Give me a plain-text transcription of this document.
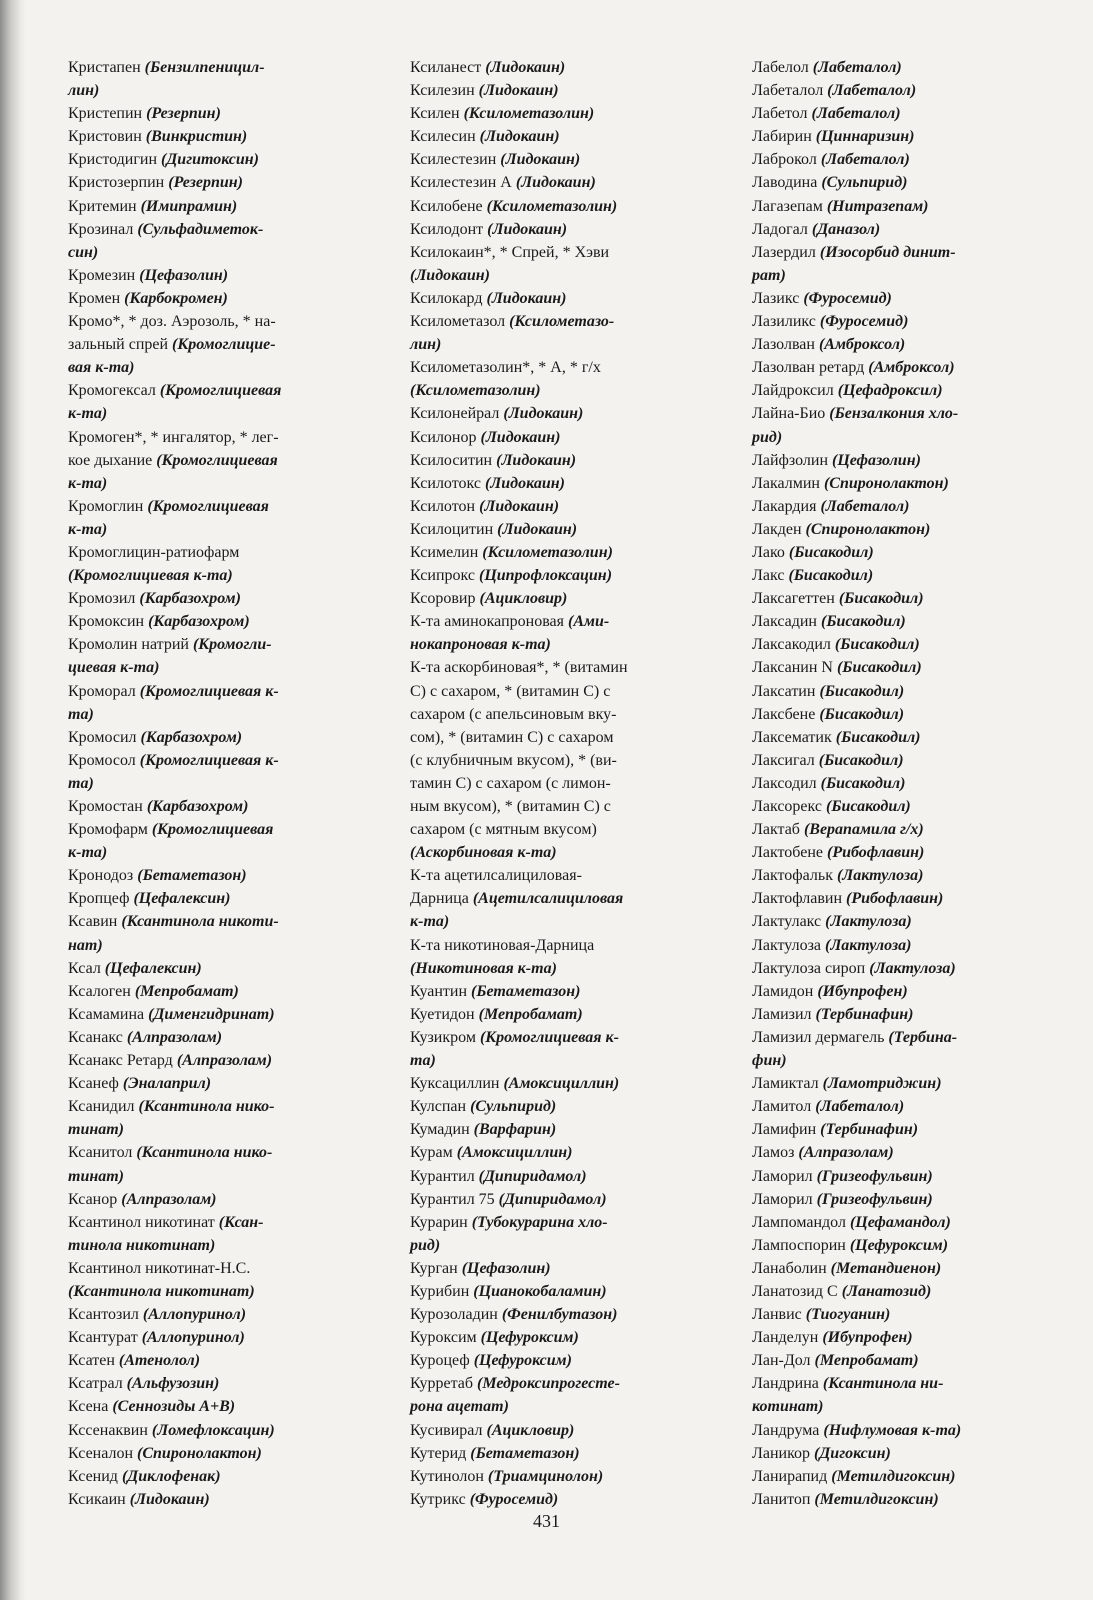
Кристапен (Бензилпеницил-
лин)
Кристепин (Резерпин)
Кристовин (Винкристин)
Кристодигин (Дигитоксин)
Кристозерпин (Резерпин)
Критемин (Имипрамин)
Крозинал (Сульфадиметок-
син)
Кромезин (Цефазолин)
Кромен (Карбокромен)
Кромо*, * доз. Аэрозоль, * на-
зальный спрей (Кромоглицие-
вая к-та)
Кромогексал (Кромоглициевая
к-та)
Кромоген*, * ингалятор, * лег-
кое дыхание (Кромоглициевая
к-та)
Кромоглин (Кромоглициевая
к-та)
Кромоглицин-ратиофарм
(Кромоглициевая к-та)
Кромозил (Карбазохром)
Кромоксин (Карбазохром)
Кромолин натрий (Кромогли-
циевая к-та)
Кроморал (Кромоглициевая к-
та)
Кромосил (Карбазохром)
Кромосол (Кромоглициевая к-
та)
Кромостан (Карбазохром)
Кромофарм (Кромоглициевая
к-та)
Кронодоз (Бетаметазон)
Кропцеф (Цефалексин)
Ксавин (Ксантинола никоти-
нат)
Ксал (Цефалексин)
Ксалоген (Мепробамат)
Ксамамина (Дименгидринат)
Ксанакс (Алпразолам)
Ксанакс Ретард (Алпразолам)
Ксанеф (Эналаприл)
Ксанидил (Ксантинола нико-
тинат)
Ксанитол (Ксантинола нико-
тинат)
Ксанор (Алпразолам)
Ксантинол никотинат (Ксан-
тинола никотинат)
Ксантинол никотинат-Н.С.
(Ксантинола никотинат)
Ксантозил (Аллопуринол)
Ксантурат (Аллопуринол)
Ксатен (Атенолол)
Ксатрал (Альфузозин)
Ксена (Сеннозиды А+В)
Кссенаквин (Ломефлоксацин)
Ксеналон (Спиронолактон)
Ксенид (Диклофенак)
Ксикаин (Лидокаин)
Ксиланест (Лидокаин)
Ксилезин (Лидокаин)
Ксилен (Ксилометазолин)
Ксилесин (Лидокаин)
Ксилестезин (Лидокаин)
Ксилестезин А (Лидокаин)
Ксилобене (Ксилометазолин)
Ксилодонт (Лидокаин)
Ксилокаин*, * Спрей, * Хэви
(Лидокаин)
Ксилокард (Лидокаин)
Ксилометазол (Ксилометазо-
лин)
Ксилометазолин*, * А, * г/х
(Ксилометазолин)
Ксилонейрал (Лидокаин)
Ксилонор (Лидокаин)
Ксилоситин (Лидокаин)
Ксилотокс (Лидокаин)
Ксилотон (Лидокаин)
Ксилоцитин (Лидокаин)
Ксимелин (Ксилометазолин)
Ксипрокс (Ципрофлоксацин)
Ксоровир (Ацикловир)
К-та аминокапроновая (Ами-
нокапроновая к-та)
К-та аскорбиновая*, * (витамин
С) с сахаром, * (витамин С) с
сахаром (с апельсиновым вку-
сом), * (витамин С) с сахаром
(с клубничным вкусом), * (ви-
тамин С) с сахаром (с лимон-
ным вкусом), * (витамин С) с
сахаром (с мятным вкусом)
(Аскорбиновая к-та)
К-та ацетилсалициловая-
Дарница (Ацетилсалициловая
к-та)
К-та никотиновая-Дарница
(Никотиновая к-та)
Куантин (Бетаметазон)
Куетидон (Мепробамат)
Кузикром (Кромоглициевая к-
та)
Куксациллин (Амоксициллин)
Кулспан (Сульпирид)
Кумадин (Варфарин)
Курам (Амоксициллин)
Курантил (Дипиридамол)
Курантил 75 (Дипиридамол)
Курарин (Тубокурарина хло-
рид)
Курган (Цефазолин)
Курибин (Цианокобаламин)
Курозоладин (Фенилбутазон)
Куроксим (Цефуроксим)
Куроцеф (Цефуроксим)
Курретаб (Медроксипрогесте-
рона ацетат)
Кусивирал (Ацикловир)
Кутерид (Бетаметазон)
Кутинолон (Триамцинолон)
Кутрикс (Фуросемид)
Лабелол (Лабеталол)
Лабеталол (Лабеталол)
Лабетол (Лабеталол)
Лабирин (Циннаризин)
Лаброкол (Лабеталол)
Лаводина (Сульпирид)
Лагазепам (Нитразепам)
Ладогал (Даназол)
Лазердил (Изосорбид динит-
рат)
Лазикс (Фуросемид)
Лазиликс (Фуросемид)
Лазолван (Амброксол)
Лазолван ретард (Амброксол)
Лайдроксил (Цефадроксил)
Лайна-Био (Бензалкония хло-
рид)
Лайфзолин (Цефазолин)
Лакалмин (Спиронолактон)
Лакардия (Лабеталол)
Лакден (Спиронолактон)
Лако (Бисакодил)
Лакс (Бисакодил)
Лаксагеттен (Бисакодил)
Лаксадин (Бисакодил)
Лаксакодил (Бисакодил)
Лаксанин N (Бисакодил)
Лаксатин (Бисакодил)
Лаксбене (Бисакодил)
Лаксематик (Бисакодил)
Лаксигал (Бисакодил)
Лаксодил (Бисакодил)
Лаксорекс (Бисакодил)
Лактаб (Верапамила г/х)
Лактобене (Рибофлавин)
Лактофальк (Лактулоза)
Лактофлавин (Рибофлавин)
Лактулакс (Лактулоза)
Лактулоза (Лактулоза)
Лактулоза сироп (Лактулоза)
Ламидон (Ибупрофен)
Ламизил (Тербинафин)
Ламизил дермагель (Тербина-
фин)
Ламиктал (Ламотриджин)
Ламитол (Лабеталол)
Ламифин (Тербинафин)
Ламоз (Алпразолам)
Ламорил (Гризеофульвин)
Ламорил (Гризеофульвин)
Лампомандол (Цефамандол)
Лампоспорин (Цефуроксим)
Ланаболин (Метандиенон)
Ланатозид С (Ланатозид)
Ланвис (Тиогуанин)
Ланделун (Ибупрофен)
Лан-Дол (Мепробамат)
Ландрина (Ксантинола ни-
котинат)
Ландрума (Нифлумовая к-та)
Ланикор (Дигоксин)
Ланирапид (Метилдигоксин)
Ланитоп (Метилдигоксин)
431
